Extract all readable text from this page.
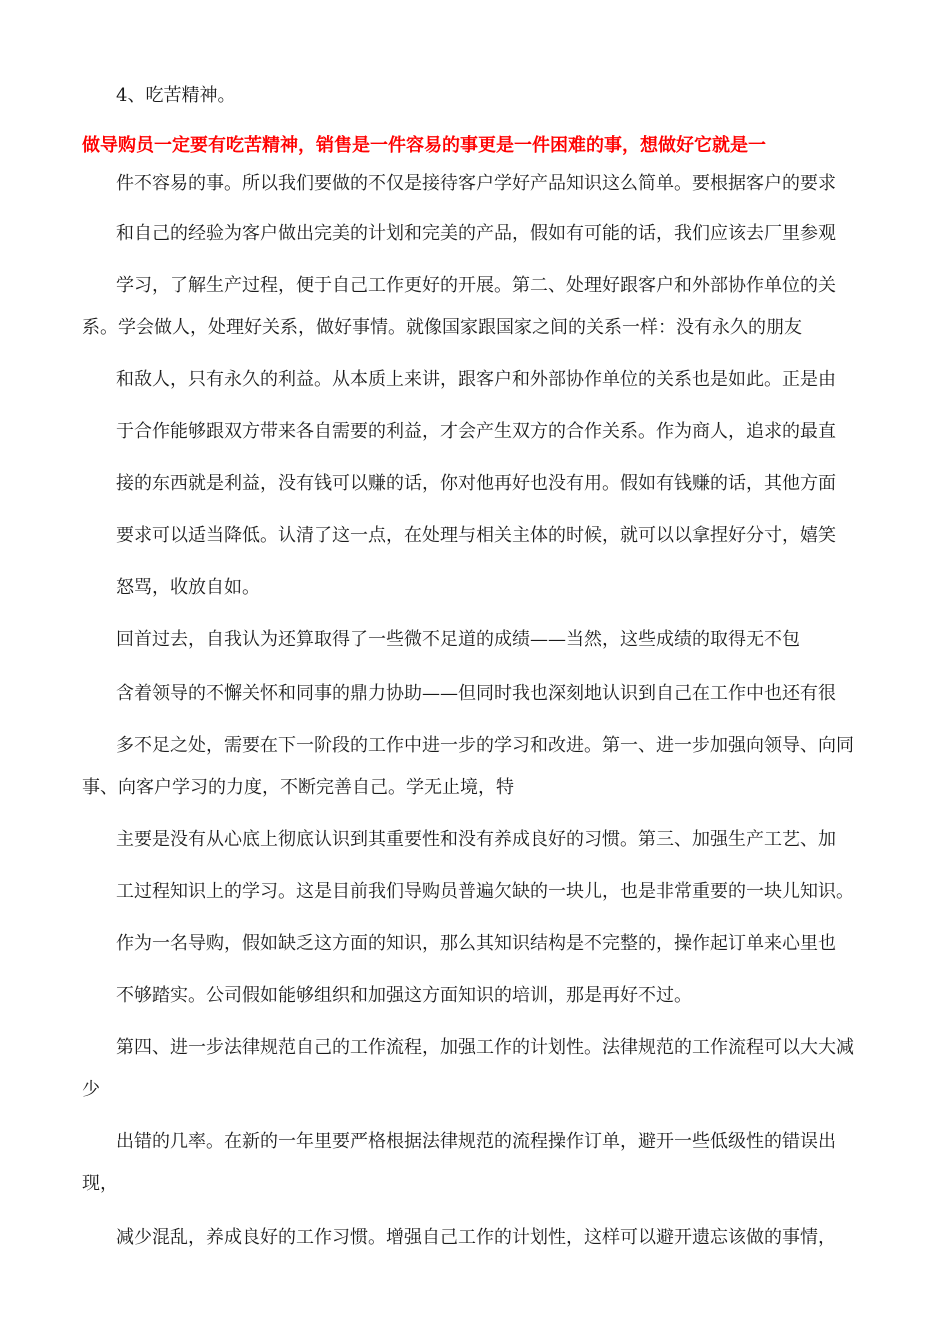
4、吃苦精神。
做导购员一定要有吃苦精神，销售是一件容易的事更是一件困难的事，想做好它就是一
件不容易的事。所以我们要做的不仅是接待客户学好产品知识这么简单。要根据客户的要求
和自己的经验为客户做出完美的计划和完美的产品，假如有可能的话，我们应该去厂里参观
学习，了解生产过程，便于自己工作更好的开展。第二、处理好跟客户和外部协作单位的关
系。学会做人，处理好关系，做好事情。就像国家跟国家之间的关系一样：没有永久的朋友
和敌人，只有永久的利益。从本质上来讲，跟客户和外部协作单位的关系也是如此。正是由
于合作能够跟双方带来各自需要的利益，才会产生双方的合作关系。作为商人，追求的最直
接的东西就是利益，没有钱可以赚的话，你对他再好也没有用。假如有钱赚的话，其他方面
要求可以适当降低。认清了这一点，在处理与相关主体的时候，就可以以拿捏好分寸，嬉笑
怒骂，收放自如。
回首过去，自我认为还算取得了一些微不足道的成绩——当然，这些成绩的取得无不包
含着领导的不懈关怀和同事的鼎力协助——但同时我也深刻地认识到自己在工作中也还有很
多不足之处，需要在下一阶段的工作中进一步的学习和改进。第一、进一步加强向领导、向同
事、向客户学习的力度，不断完善自己。学无止境，特
主要是没有从心底上彻底认识到其重要性和没有养成良好的习惯。第三、加强生产工艺、加
工过程知识上的学习。这是目前我们导购员普遍欠缺的一块儿，也是非常重要的一块儿知识。
作为一名导购，假如缺乏这方面的知识，那么其知识结构是不完整的，操作起订单来心里也
不够踏实。公司假如能够组织和加强这方面知识的培训，那是再好不过。
第四、进一步法律规范自己的工作流程，加强工作的计划性。法律规范的工作流程可以大大减
少
出错的几率。在新的一年里要严格根据法律规范的流程操作订单，避开一些低级性的错误出
现，
减少混乱，养成良好的工作习惯。增强自己工作的计划性，这样可以避开遗忘该做的事情，
